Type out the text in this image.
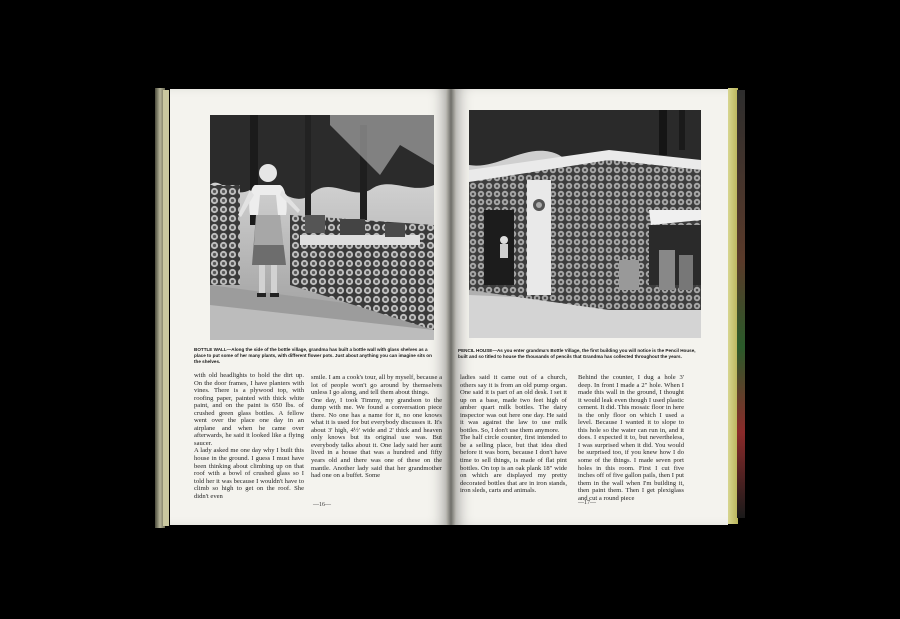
BOTTLE WALL—Along the side of the bottle village, grandma has built a bottle wall with glass shelves as a place to put some of her many plants, with different flower pots. Just about anything you can imagine sits on the shelves.
PENCIL HOUSE—As you enter grandma's Bottle Village, the first building you will notice is the Pencil House, built and so titled to house the thousands of pencils that Grandma has collected throughout the years.
with old headlights to hold the dirt up. On the door frames, I have planters with vines. There is a plywood top, with roofing paper, painted with thick white paint, and on the paint is 650 lbs. of crushed green glass bottles. A fellow went over the place one day in an airplane and when he came over afterwards, he said it looked like a flying saucer.
A lady asked me one day why I built this house in the ground. I guess I must have been thinking about climbing up on that roof with a bowl of crushed glass so I told her it was because I wouldn't have to climb so high to get on the roof. She didn't even
smile. I am a cook's tour, all by myself, because a lot of people won't go around by themselves unless I go along, and tell them about things.
One day, I took Timmy, my grandson to the dump with me. We found a conversation piece there. No one has a name for it, no one knows what it is used for but everybody discusses it. It's about 3' high, 4½' wide and 2' thick and heaven only knows but its original use was. But everybody talks about it. One lady said her aunt lived in a house that was a hundred and fifty years old and there was one of these on the mantle. Another lady said that her grandmother had one on a buffet. Some
ladies said it came out of a church, others say it is from an old pump organ. One said it is part of an old desk. I set it up on a base, made two feet high of amber quart milk bottles. The dairy inspector was out here one day. He said it was against the law to use milk bottles. So, I don't use them anymore.
The half circle counter, first intended to be a selling place, but that idea died before it was born, because I don't have time to sell things, is made of flat pint bottles. On top is an oak plank 18" wide on which are displayed my pretty decorated bottles that are in iron stands, iron sleds, carts and animals.
Behind the counter, I dug a hole 3' deep. In front I made a 2" hole. When I made this wall in the ground, I thought it would leak even though I used plastic cement. It did. This mosaic floor in here is the only floor on which I used a level. Because I wanted it to slope to this hole so the water can run in, and it does. I expected it to, but nevertheless, I was surprised when it did. You would be surprised too, if you knew how I do some of the things. I made seven port holes in this room. First I cut five inches off of five gallon pails, then I put them in the wall when I'm building it, then paint them. Then I get plexiglass and cut a round piece
—16—	—17—
